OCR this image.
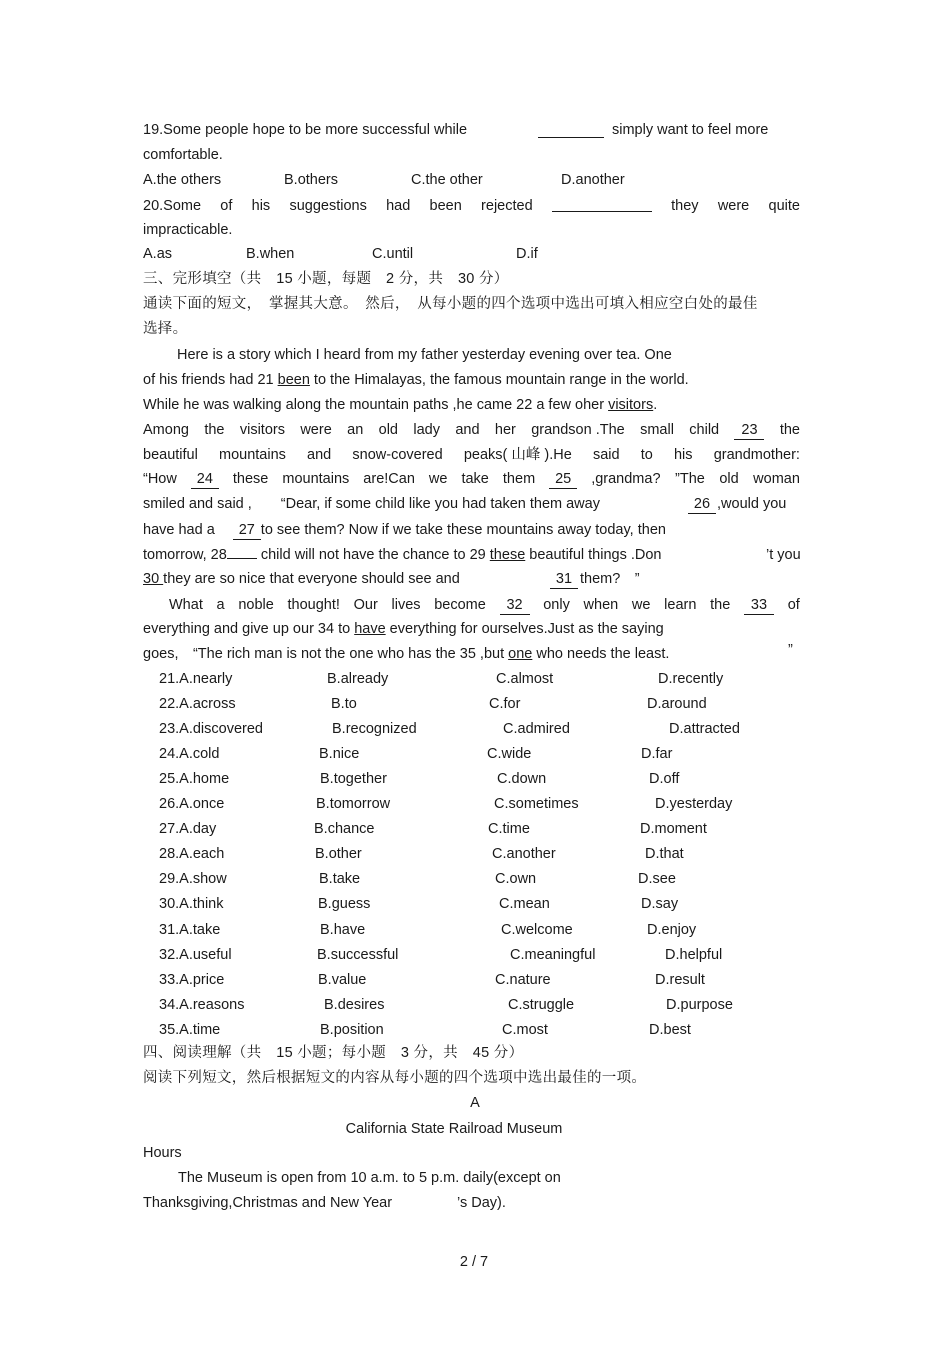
19.Some people hope to be more successful while	simply want to feel more
comfortable.
A.the others	B.others	C.the other	D.another
20.Some of his suggestions had been rejected	they were quite
impracticable.
A.as	B.when	C.until	D.if
三、完形填空（共　15 小题，每题　2 分，共　30 分）
通读下面的短文，　掌握其大意。　然后，　从每小题的四个选项中选出可填入相应空白处的最佳
选择。
Here is a story which I heard from my father yesterday evening over tea. One
of his friends had 21 been to the Himalayas, the famous mountain range in the world.
While he was walking along the mountain paths ,he came 22 a few oher visitors.
Among the visitors were an old lady and her grandson .The small child	23	the
beautiful mountains and snow-covered peaks( 山峰 ).He said to his grandmother:
“How	24	these mountains are!Can we take them	25	,grandma?　”The　old　woman
smiled and said ,　　“Dear, if some child like you had taken them away	26 ,would you
have had a 27 to see them? Now if we take these mountains away today, then
tomorrow, 28 child will not have the chance to 29 these beautiful things .Don	’t you
30 they are so nice that everyone should see and	31 them?　”
What a noble thought! Our lives become	32	only when we learn the	33	of
everything and give up our 34 to have everything for ourselves.Just as the saying
goes,　“The rich man is not the one who has the 35 ,but one who needs the least.	”
21.A.nearly	B.already	C.almost	D.recently
22.A.across	B.to	C.for	D.around
23.A.discovered	B.recognized	C.admired	D.attracted
24.A.cold	B.nice	C.wide	D.far
25.A.home	B.together	C.down	D.off
26.A.once	B.tomorrow	C.sometimes	D.yesterday
27.A.day	B.chance	C.time	D.moment
28.A.each	B.other	C.another	D.that
29.A.show	B.take	C.own	D.see
30.A.think	B.guess	C.mean	D.say
31.A.take	B.have	C.welcome	D.enjoy
32.A.useful	B.successful	C.meaningful	D.helpful
33.A.price	B.value	C.nature	D.result
34.A.reasons	B.desires	C.struggle	D.purpose
35.A.time	B.position	C.most	D.best
四、阅读理解（共　15 小题；每小题　3 分，共　45 分）
阅读下列短文，然后根据短文的内容从每小题的四个选项中选出最佳的一项。
A
California State Railroad Museum
Hours
The Museum is open from 10 a.m. to 5 p.m. daily(except on
Thanksgiving,Christmas and New Year	’s Day).
2 / 7
